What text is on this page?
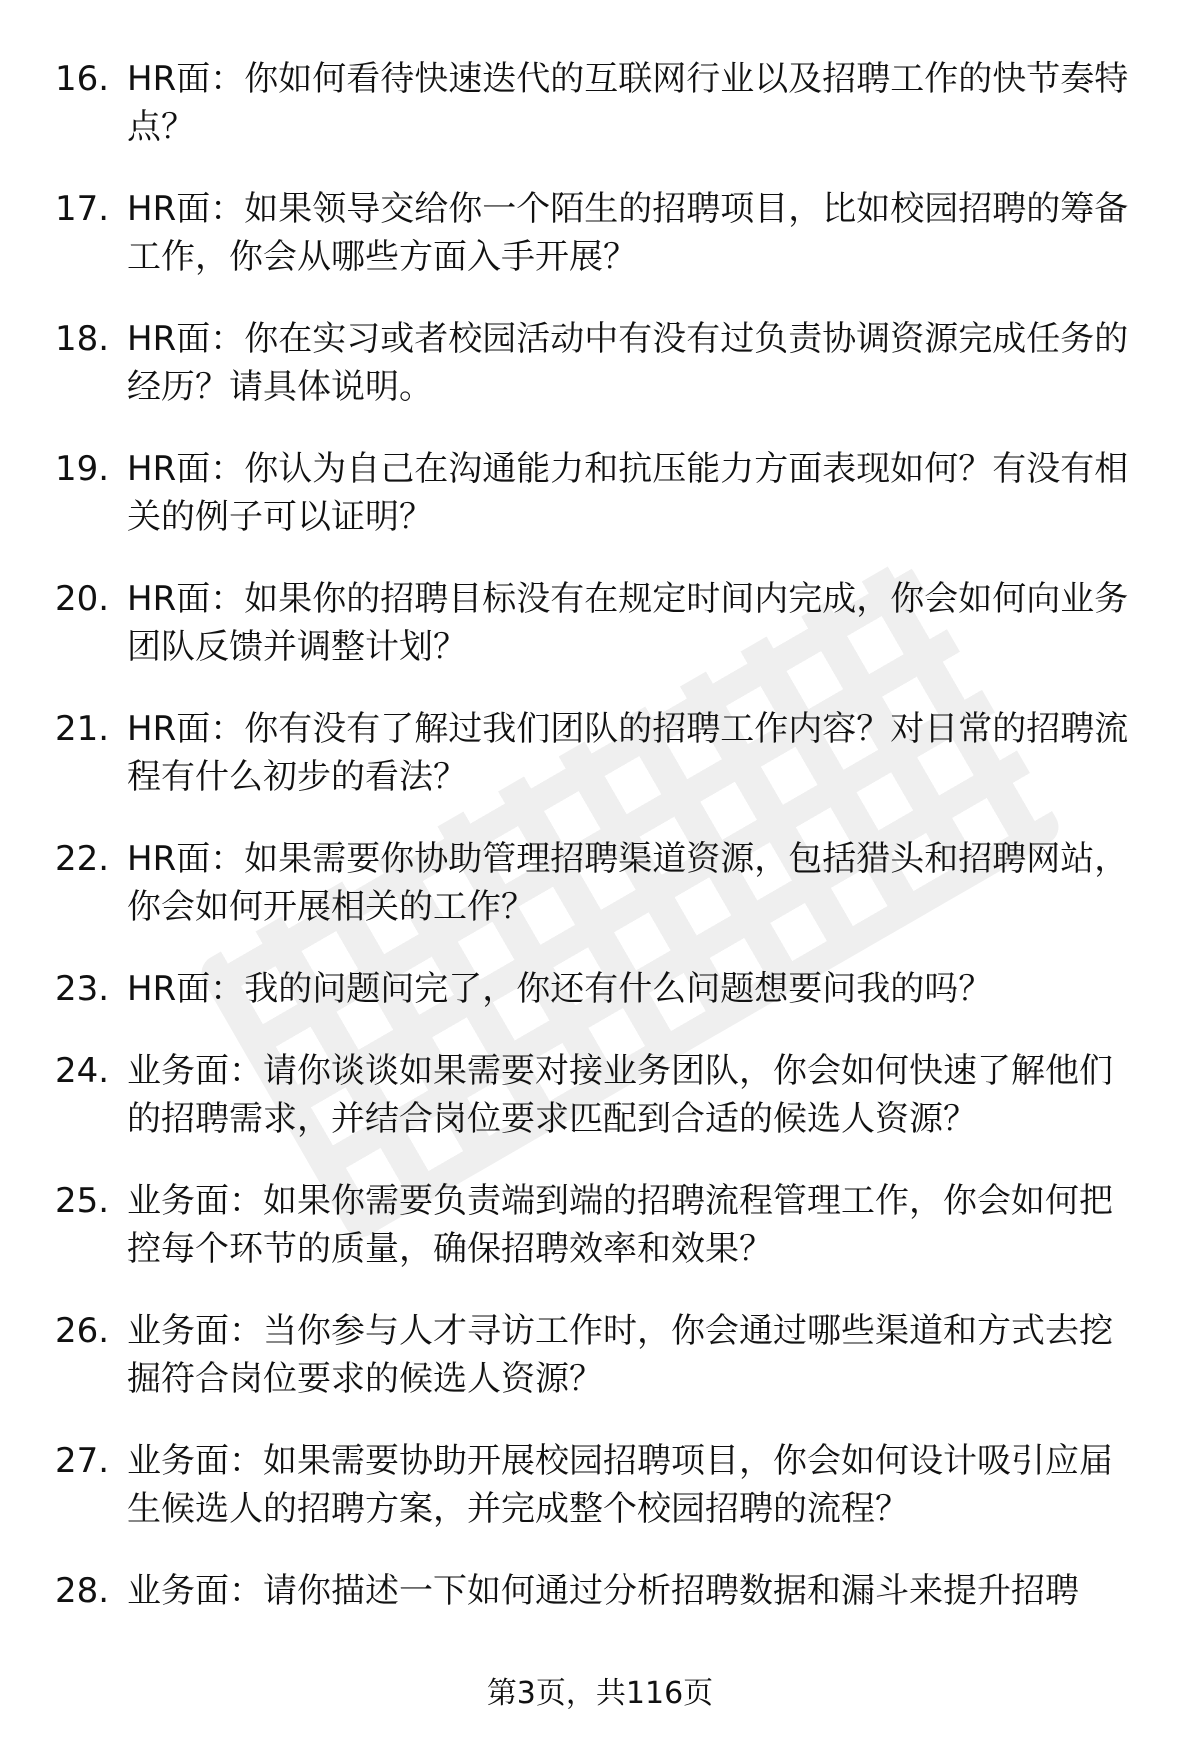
16. HR面：你如何看待快速迭代的互联网行业以及招聘工作的快节奏特点？
17. HR面：如果领导交给你一个陌生的招聘项目，比如校园招聘的筹备工作，你会从哪些方面入手开展？
18. HR面：你在实习或者校园活动中有没有过负责协调资源完成任务的经历？请具体说明。
19. HR面：你认为自己在沟通能力和抗压能力方面表现如何？有没有相关的例子可以证明？
20. HR面：如果你的招聘目标没有在规定时间内完成，你会如何向业务团队反馈并调整计划？
21. HR面：你有没有了解过我们团队的招聘工作内容？对日常的招聘流程有什么初步的看法？
22. HR面：如果需要你协助管理招聘渠道资源，包括猎头和招聘网站，你会如何开展相关的工作？
23. HR面：我的问题问完了，你还有什么问题想要问我的吗？
24. 业务面：请你谈谈如果需要对接业务团队，你会如何快速了解他们的招聘需求，并结合岗位要求匹配到合适的候选人资源？
25. 业务面：如果你需要负责端到端的招聘流程管理工作，你会如何把控每个环节的质量，确保招聘效率和效果？
26. 业务面：当你参与人才寻访工作时，你会通过哪些渠道和方式去挖掘符合岗位要求的候选人资源？
27. 业务面：如果需要协助开展校园招聘项目，你会如何设计吸引应届生候选人的招聘方案，并完成整个校园招聘的流程？
28. 业务面：请你描述一下如何通过分析招聘数据和漏斗来提升招聘
第3页，共116页
